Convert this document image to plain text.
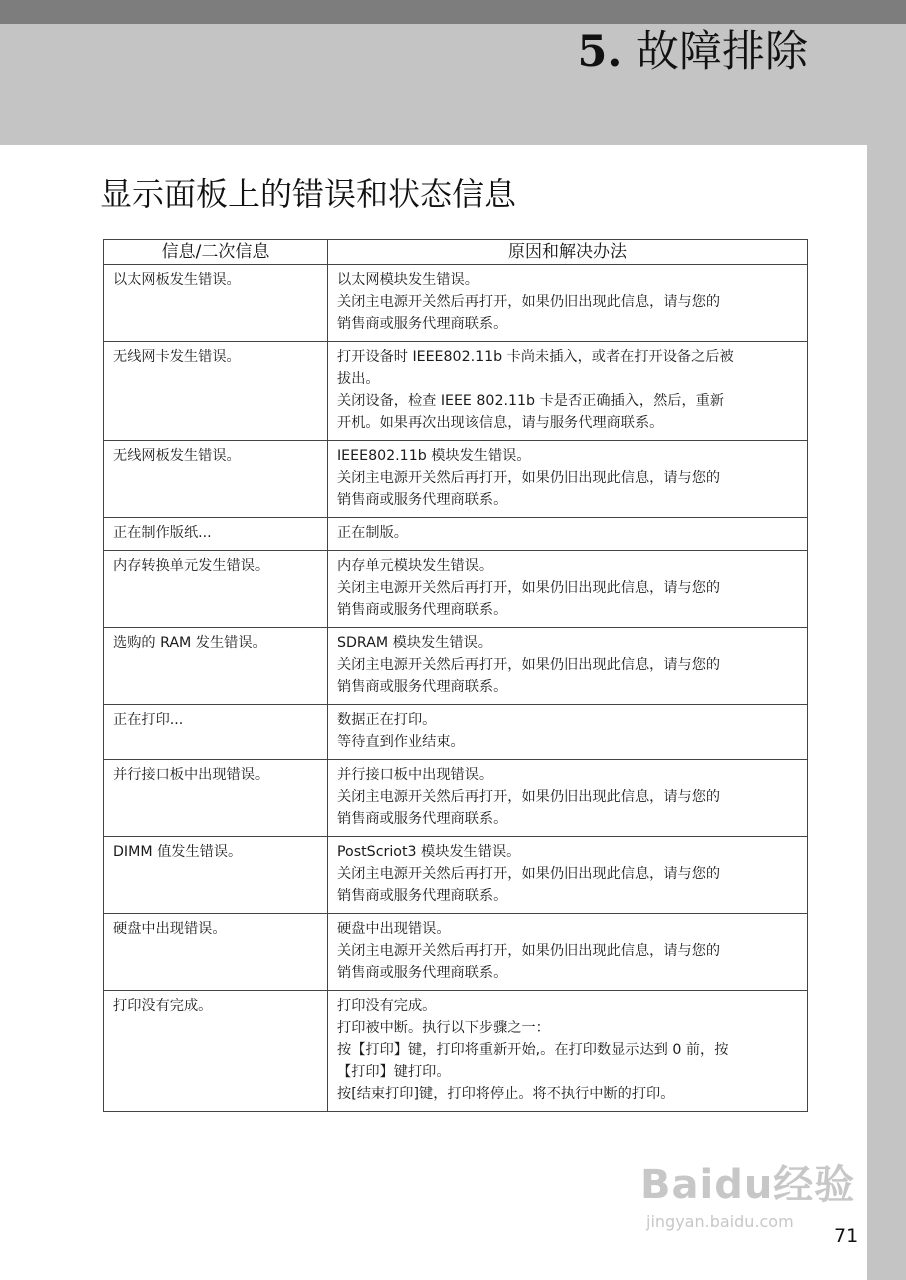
5. 故障排除
显示面板上的错误和状态信息
信息/二次信息	原因和解决办法
以太网板发生错误。	以太网模块发生错误。
关闭主电源开关然后再打开，如果仍旧出现此信息，请与您的
销售商或服务代理商联系。

无线网卡发生错误。	打开设备时 IEEE802.11b 卡尚未插入，或者在打开设备之后被
拔出。
关闭设备，检查 IEEE 802.11b 卡是否正确插入，然后，重新
开机。如果再次出现该信息，请与服务代理商联系。

无线网板发生错误。	IEEE802.11b 模块发生错误。
关闭主电源开关然后再打开，如果仍旧出现此信息，请与您的
销售商或服务代理商联系。

正在制作版纸...	正在制版。

内存转换单元发生错误。	内存单元模块发生错误。
关闭主电源开关然后再打开，如果仍旧出现此信息，请与您的
销售商或服务代理商联系。

选购的 RAM 发生错误。	SDRAM 模块发生错误。
关闭主电源开关然后再打开，如果仍旧出现此信息，请与您的
销售商或服务代理商联系。

正在打印...	数据正在打印。
等待直到作业结束。

并行接口板中出现错误。	并行接口板中出现错误。
关闭主电源开关然后再打开，如果仍旧出现此信息，请与您的
销售商或服务代理商联系。

DIMM 值发生错误。	PostScriot3 模块发生错误。
关闭主电源开关然后再打开，如果仍旧出现此信息，请与您的
销售商或服务代理商联系。

硬盘中出现错误。	硬盘中出现错误。
关闭主电源开关然后再打开，如果仍旧出现此信息，请与您的
销售商或服务代理商联系。

打印没有完成。	打印没有完成。
打印被中断。执行以下步骤之一：
按【打印】键，打印将重新开始,。在打印数显示达到 0 前，按
【打印】键打印。
按[结束打印]键，打印将停止。将不执行中断的打印。
Baidu经验
jingyan.baidu.com
71
